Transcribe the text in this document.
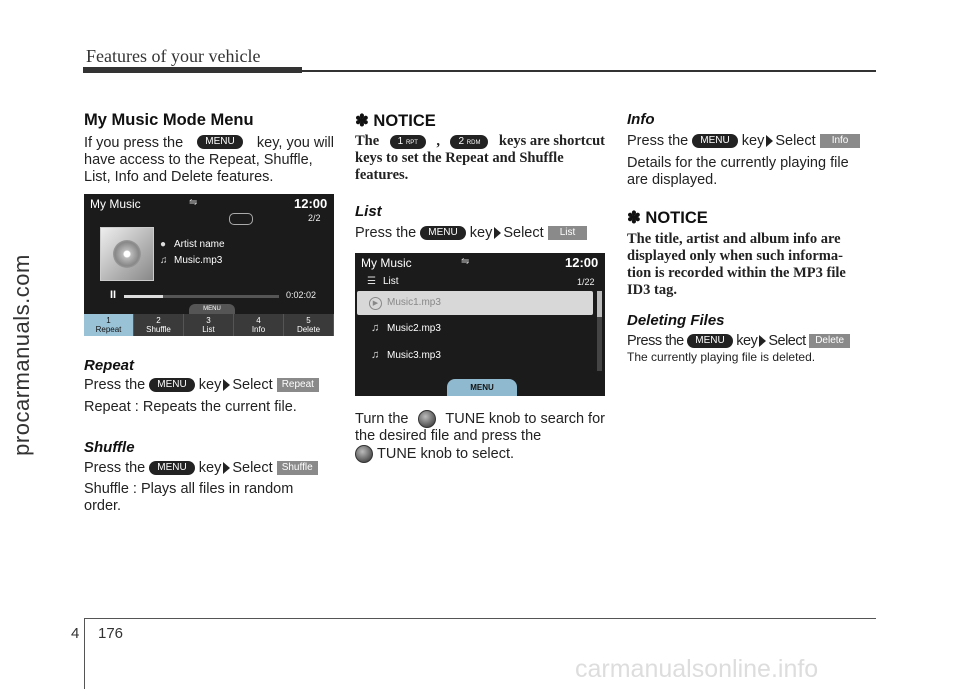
Features of your vehicle
procarmanuals.com
My Music Mode Menu
If you press the	MENU	key, you will
have access to the Repeat, Shuffle,
List, Info and Delete features.
My Music	⇋	12:00
2/2
● Artist name
♫ Music.mp3
II	0:02:02
MENU
1
Repeat
2
Shuffle
3
List
4
Info
5
Delete
Repeat
Press the MENU key Select Repeat
Repeat : Repeats the current file.
Shuffle
Press the MENU key Select Shuffle
Shuffle : Plays all files in random
order.
✽ NOTICE
The	1 RPT	,	2 RDM	keys are shortcut
keys to set the Repeat and Shuffle
features.
List
Press the MENU key Select List
My Music	⇋	12:00
☰ List	1/22
▶ Music1.mp3
♫ Music2.mp3
♫ Music3.mp3
MENU
Turn the	TUNE knob to search for
the desired file and press the
TUNE knob to select.
Info
Press the MENU key Select Info
Details for the currently playing file
are displayed.
✽ NOTICE
The title, artist and album info are
displayed only when such informa-
tion is recorded within the MP3 file
ID3 tag.
Deleting Files
Press the MENU key Select Delete
The currently playing file is deleted.
4 176
carmanualsonline.info
